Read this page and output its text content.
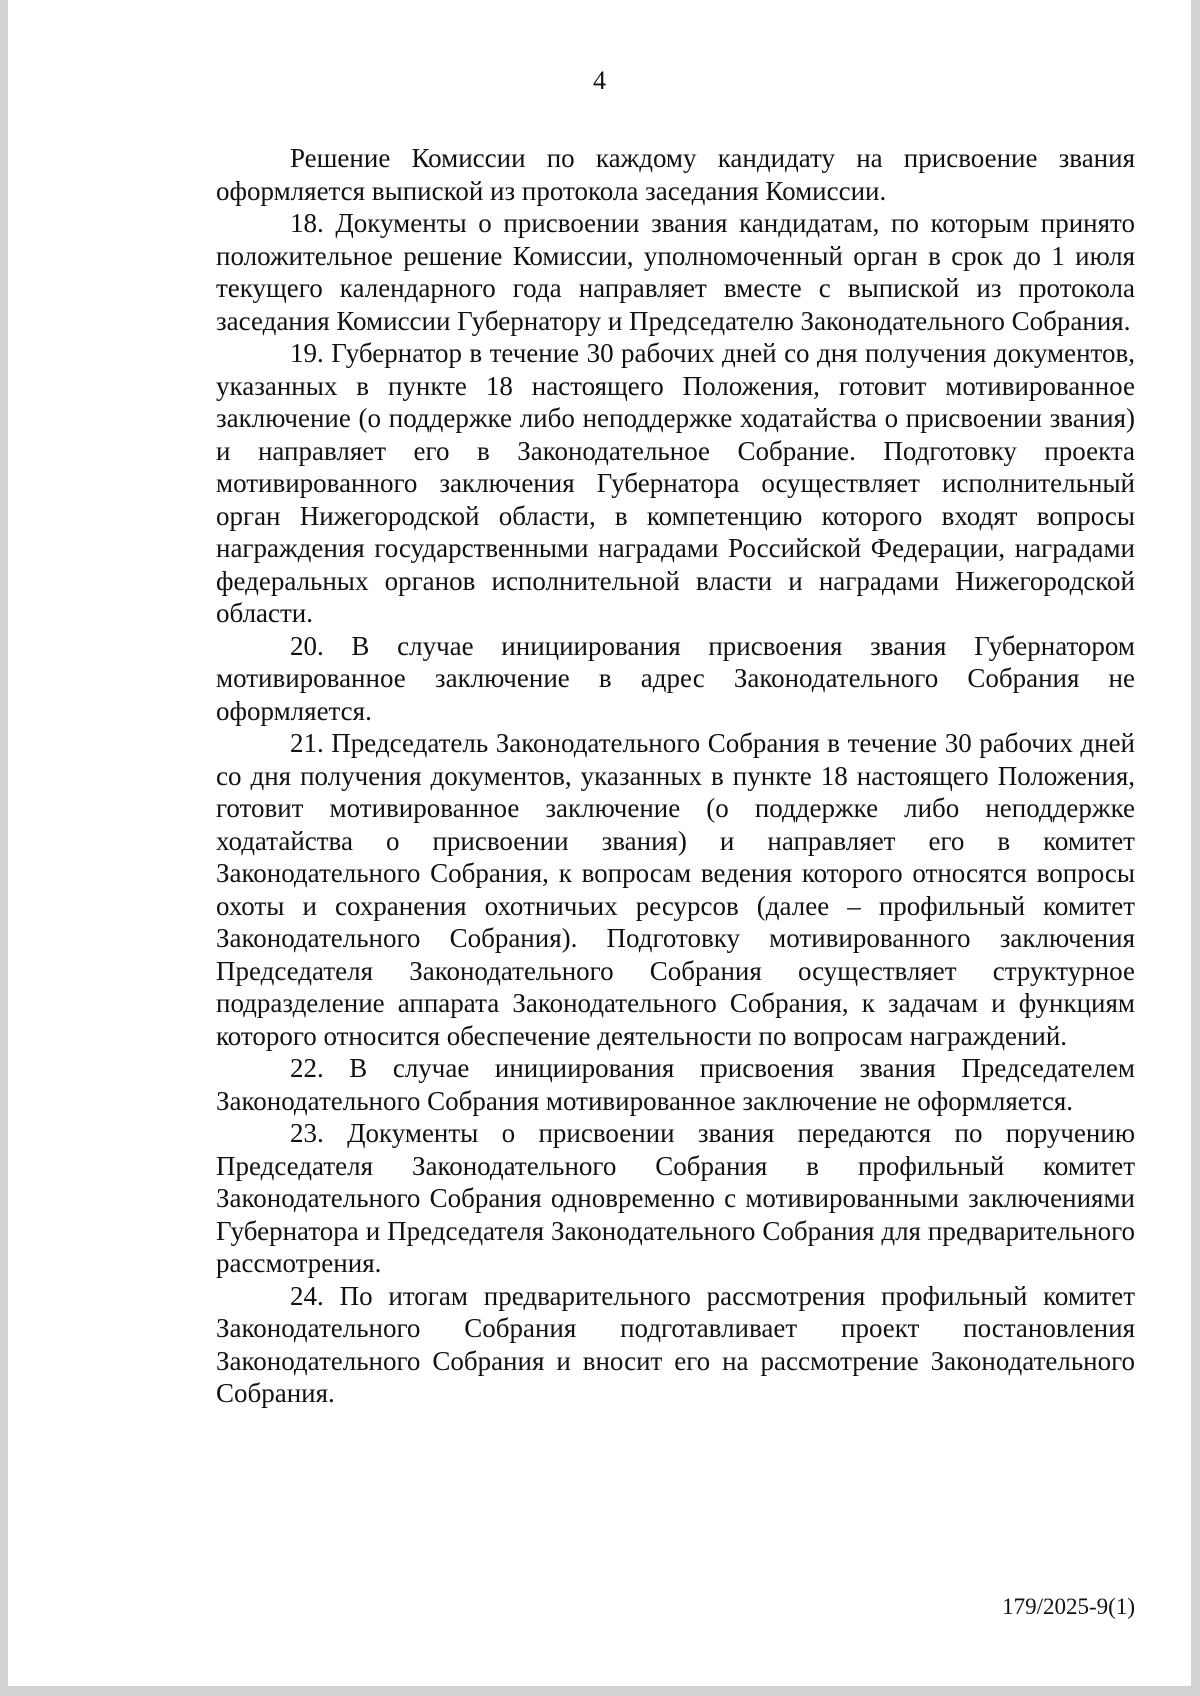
4

Решение Комиссии по каждому кандидату на присвоение звания оформляется выпиской из протокола заседания Комиссии.

18. Документы о присвоении звания кандидатам, по которым принято положительное решение Комиссии, уполномоченный орган в срок до 1 июля текущего календарного года направляет вместе с выпиской из протокола заседания Комиссии Губернатору и Председателю Законодательного Собрания.

19. Губернатор в течение 30 рабочих дней со дня получения документов, указанных в пункте 18 настоящего Положения, готовит мотивированное заключение (о поддержке либо неподдержке ходатайства о присвоении звания) и направляет его в Законодательное Собрание. Подготовку проекта мотивированного заключения Губернатора осуществляет исполнительный орган Нижегородской области, в компетенцию которого входят вопросы награждения государственными наградами Российской Федерации, наградами федеральных органов исполнительной власти и наградами Нижегородской области.

20. В случае инициирования присвоения звания Губернатором мотивированное заключение в адрес Законодательного Собрания не оформляется.

21. Председатель Законодательного Собрания в течение 30 рабочих дней со дня получения документов, указанных в пункте 18 настоящего Положения, готовит мотивированное заключение (о поддержке либо неподдержке ходатайства о присвоении звания) и направляет его в комитет Законодательного Собрания, к вопросам ведения которого относятся вопросы охоты и сохранения охотничьих ресурсов (далее – профильный комитет Законодательного Собрания). Подготовку мотивированного заключения Председателя Законодательного Собрания осуществляет структурное подразделение аппарата Законодательного Собрания, к задачам и функциям которого относится обеспечение деятельности по вопросам награждений.

22. В случае инициирования присвоения звания Председателем Законодательного Собрания мотивированное заключение не оформляется.

23. Документы о присвоении звания передаются по поручению Председателя Законодательного Собрания в профильный комитет Законодательного Собрания одновременно с мотивированными заключениями Губернатора и Председателя Законодательного Собрания для предварительного рассмотрения.

24. По итогам предварительного рассмотрения профильный комитет Законодательного Собрания подготавливает проект постановления Законодательного Собрания и вносит его на рассмотрение Законодательного Собрания.

179/2025-9(1)
